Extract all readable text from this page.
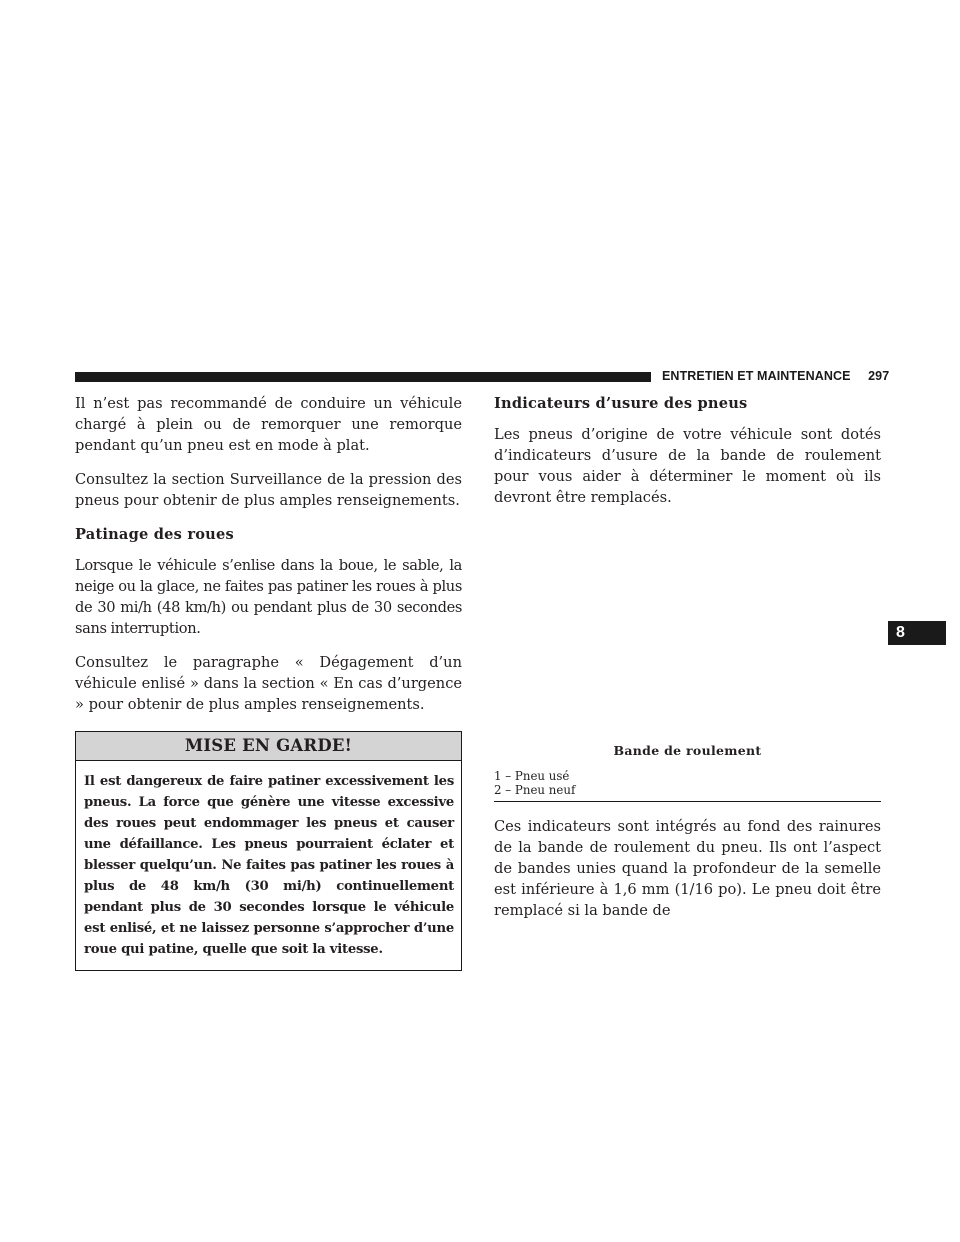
ENTRETIEN ET MAINTENANCE 297

Il n’est pas recommandé de conduire un véhicule chargé à plein ou de remorquer une remorque pendant qu’un pneu est en mode à plat.

Consultez la section Surveillance de la pression des pneus pour obtenir de plus amples renseignements.

Patinage des roues

Lorsque le véhicule s’enlise dans la boue, le sable, la neige ou la glace, ne faites pas patiner les roues à plus de 30 mi/h (48 km/h) ou pendant plus de 30 secondes sans interruption.

Consultez le paragraphe « Dégagement d’un véhicule enlisé » dans la section « En cas d’urgence » pour obtenir de plus amples renseignements.

MISE EN GARDE!
Il est dangereux de faire patiner excessivement les pneus. La force que génère une vitesse excessive des roues peut endommager les pneus et causer une défaillance. Les pneus pourraient éclater et blesser quelqu’un. Ne faites pas patiner les roues à plus de 48 km/h (30 mi/h) continuellement pendant plus de 30 secondes lorsque le véhicule est enlisé, et ne laissez personne s’approcher d’une roue qui patine, quelle que soit la vitesse.
Indicateurs d’usure des pneus

Les pneus d’origine de votre véhicule sont dotés d’indicateurs d’usure de la bande de roulement pour vous aider à déterminer le moment où ils devront être remplacés.

Bande de roulement
1 – Pneu usé
2 – Pneu neuf

Ces indicateurs sont intégrés au fond des rainures de la bande de roulement du pneu. Ils ont l’aspect de bandes unies quand la profondeur de la semelle est inférieure à 1,6 mm (1/16 po). Le pneu doit être remplacé si la bande de

8
